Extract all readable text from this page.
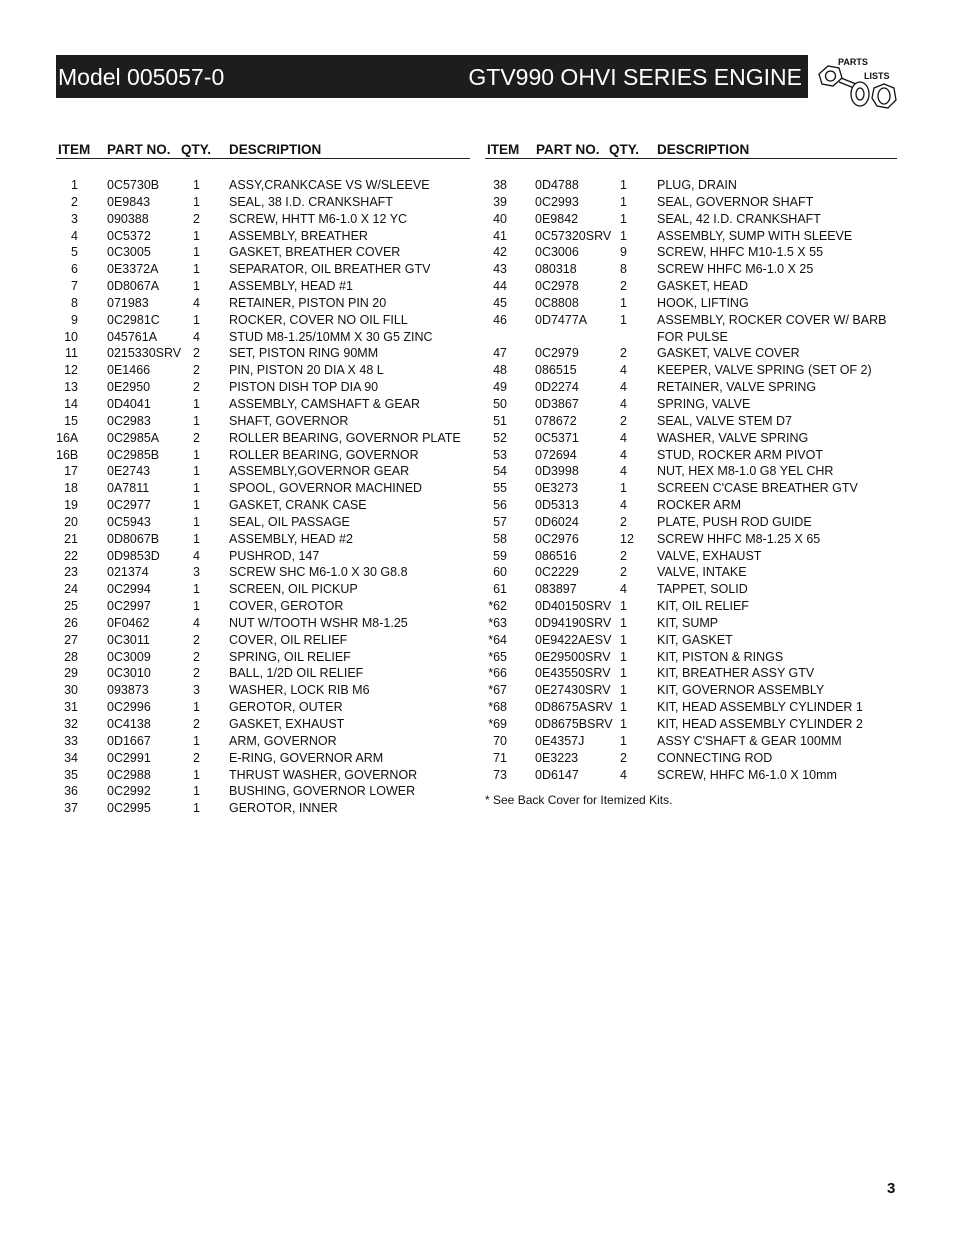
Model 005057-0	GTV990 OHVI SERIES ENGINE
PARTS
LISTS
ITEM PART NO. QTY. DESCRIPTION
1 0C5730B	1 ASSY,CRANKCASE VS W/SLEEVE
2 0E9843	1 SEAL, 38 I.D. CRANKSHAFT
3 090388	2 SCREW, HHTT M6-1.0 X 12 YC
4 0C5372	1 ASSEMBLY, BREATHER
5 0C3005	1 GASKET, BREATHER COVER
6 0E3372A	1 SEPARATOR, OIL BREATHER GTV
7 0D8067A	1 ASSEMBLY, HEAD #1
8 071983	4 RETAINER, PISTON PIN 20
9 0C2981C	1 ROCKER, COVER NO OIL FILL
10 045761A	4 STUD M8-1.25/10MM X 30 G5 ZINC
11 0215330SRV 2 SET, PISTON RING 90MM
12 0E1466	2 PIN, PISTON 20 DIA X 48 L
13 0E2950	2 PISTON DISH TOP DIA 90
14 0D4041	1 ASSEMBLY, CAMSHAFT & GEAR
15 0C2983	1 SHAFT, GOVERNOR
16A 0C2985A	2 ROLLER BEARING, GOVERNOR PLATE
16B 0C2985B	1 ROLLER BEARING, GOVERNOR
17 0E2743	1 ASSEMBLY,GOVERNOR GEAR
18 0A7811	1 SPOOL, GOVERNOR MACHINED
19 0C2977	1 GASKET, CRANK CASE
20 0C5943	1 SEAL, OIL PASSAGE
21 0D8067B	1 ASSEMBLY, HEAD #2
22 0D9853D	4 PUSHROD, 147
23 021374	3 SCREW SHC M6-1.0 X 30 G8.8
24 0C2994	1 SCREEN, OIL PICKUP
25 0C2997	1 COVER, GEROTOR
26 0F0462	4 NUT W/TOOTH WSHR M8-1.25
27 0C3011	2 COVER, OIL RELIEF
28 0C3009	2 SPRING, OIL RELIEF
29 0C3010	2 BALL, 1/2D OIL RELIEF
30 093873	3 WASHER, LOCK RIB M6
31 0C2996	1 GEROTOR, OUTER
32 0C4138	2 GASKET, EXHAUST
33 0D1667	1 ARM, GOVERNOR
34 0C2991	2 E-RING, GOVERNOR ARM
35 0C2988	1 THRUST WASHER, GOVERNOR
36 0C2992	1 BUSHING, GOVERNOR LOWER
37 0C2995	1 GEROTOR, INNER
ITEM PART NO. QTY. DESCRIPTION
38 0D4788	1 PLUG, DRAIN
39 0C2993	1 SEAL, GOVERNOR SHAFT
40 0E9842	1 SEAL, 42 I.D. CRANKSHAFT
41 0C57320SRV 1 ASSEMBLY, SUMP WITH SLEEVE
42 0C3006	9 SCREW, HHFC M10-1.5 X 55
43 080318	8 SCREW HHFC M6-1.0 X 25
44 0C2978	2 GASKET, HEAD
45 0C8808	1 HOOK, LIFTING
46 0D7477A	1 ASSEMBLY, ROCKER COVER W/ BARB FOR PULSE
47 0C2979	2 GASKET, VALVE COVER
48 086515	4 KEEPER, VALVE SPRING (SET OF 2)
49 0D2274	4 RETAINER, VALVE SPRING
50 0D3867	4 SPRING, VALVE
51 078672	2 SEAL, VALVE STEM D7
52 0C5371	4 WASHER, VALVE SPRING
53 072694	4 STUD, ROCKER ARM PIVOT
54 0D3998	4 NUT, HEX M8-1.0 G8 YEL CHR
55 0E3273	1 SCREEN C'CASE BREATHER GTV
56 0D5313	4 ROCKER ARM
57 0D6024	2 PLATE, PUSH ROD GUIDE
58 0C2976	12 SCREW HHFC M8-1.25 X 65
59 086516	2 VALVE, EXHAUST
60 0C2229	2 VALVE, INTAKE
61 083897	4 TAPPET, SOLID
*62 0D40150SRV 1 KIT, OIL RELIEF
*63 0D94190SRV 1 KIT, SUMP
*64 0E9422AESV 1 KIT, GASKET
*65 0E29500SRV 1 KIT, PISTON & RINGS
*66 0E43550SRV 1 KIT, BREATHER ASSY GTV
*67 0E27430SRV 1 KIT, GOVERNOR ASSEMBLY
*68 0D8675ASRV 1 KIT, HEAD ASSEMBLY CYLINDER 1
*69 0D8675BSRV 1 KIT, HEAD ASSEMBLY CYLINDER 2
70 0E4357J	1 ASSY C'SHAFT & GEAR 100MM
71 0E3223	2 CONNECTING ROD
73 0D6147	4 SCREW, HHFC M6-1.0 X 10mm
* See Back Cover for Itemized Kits.
3
